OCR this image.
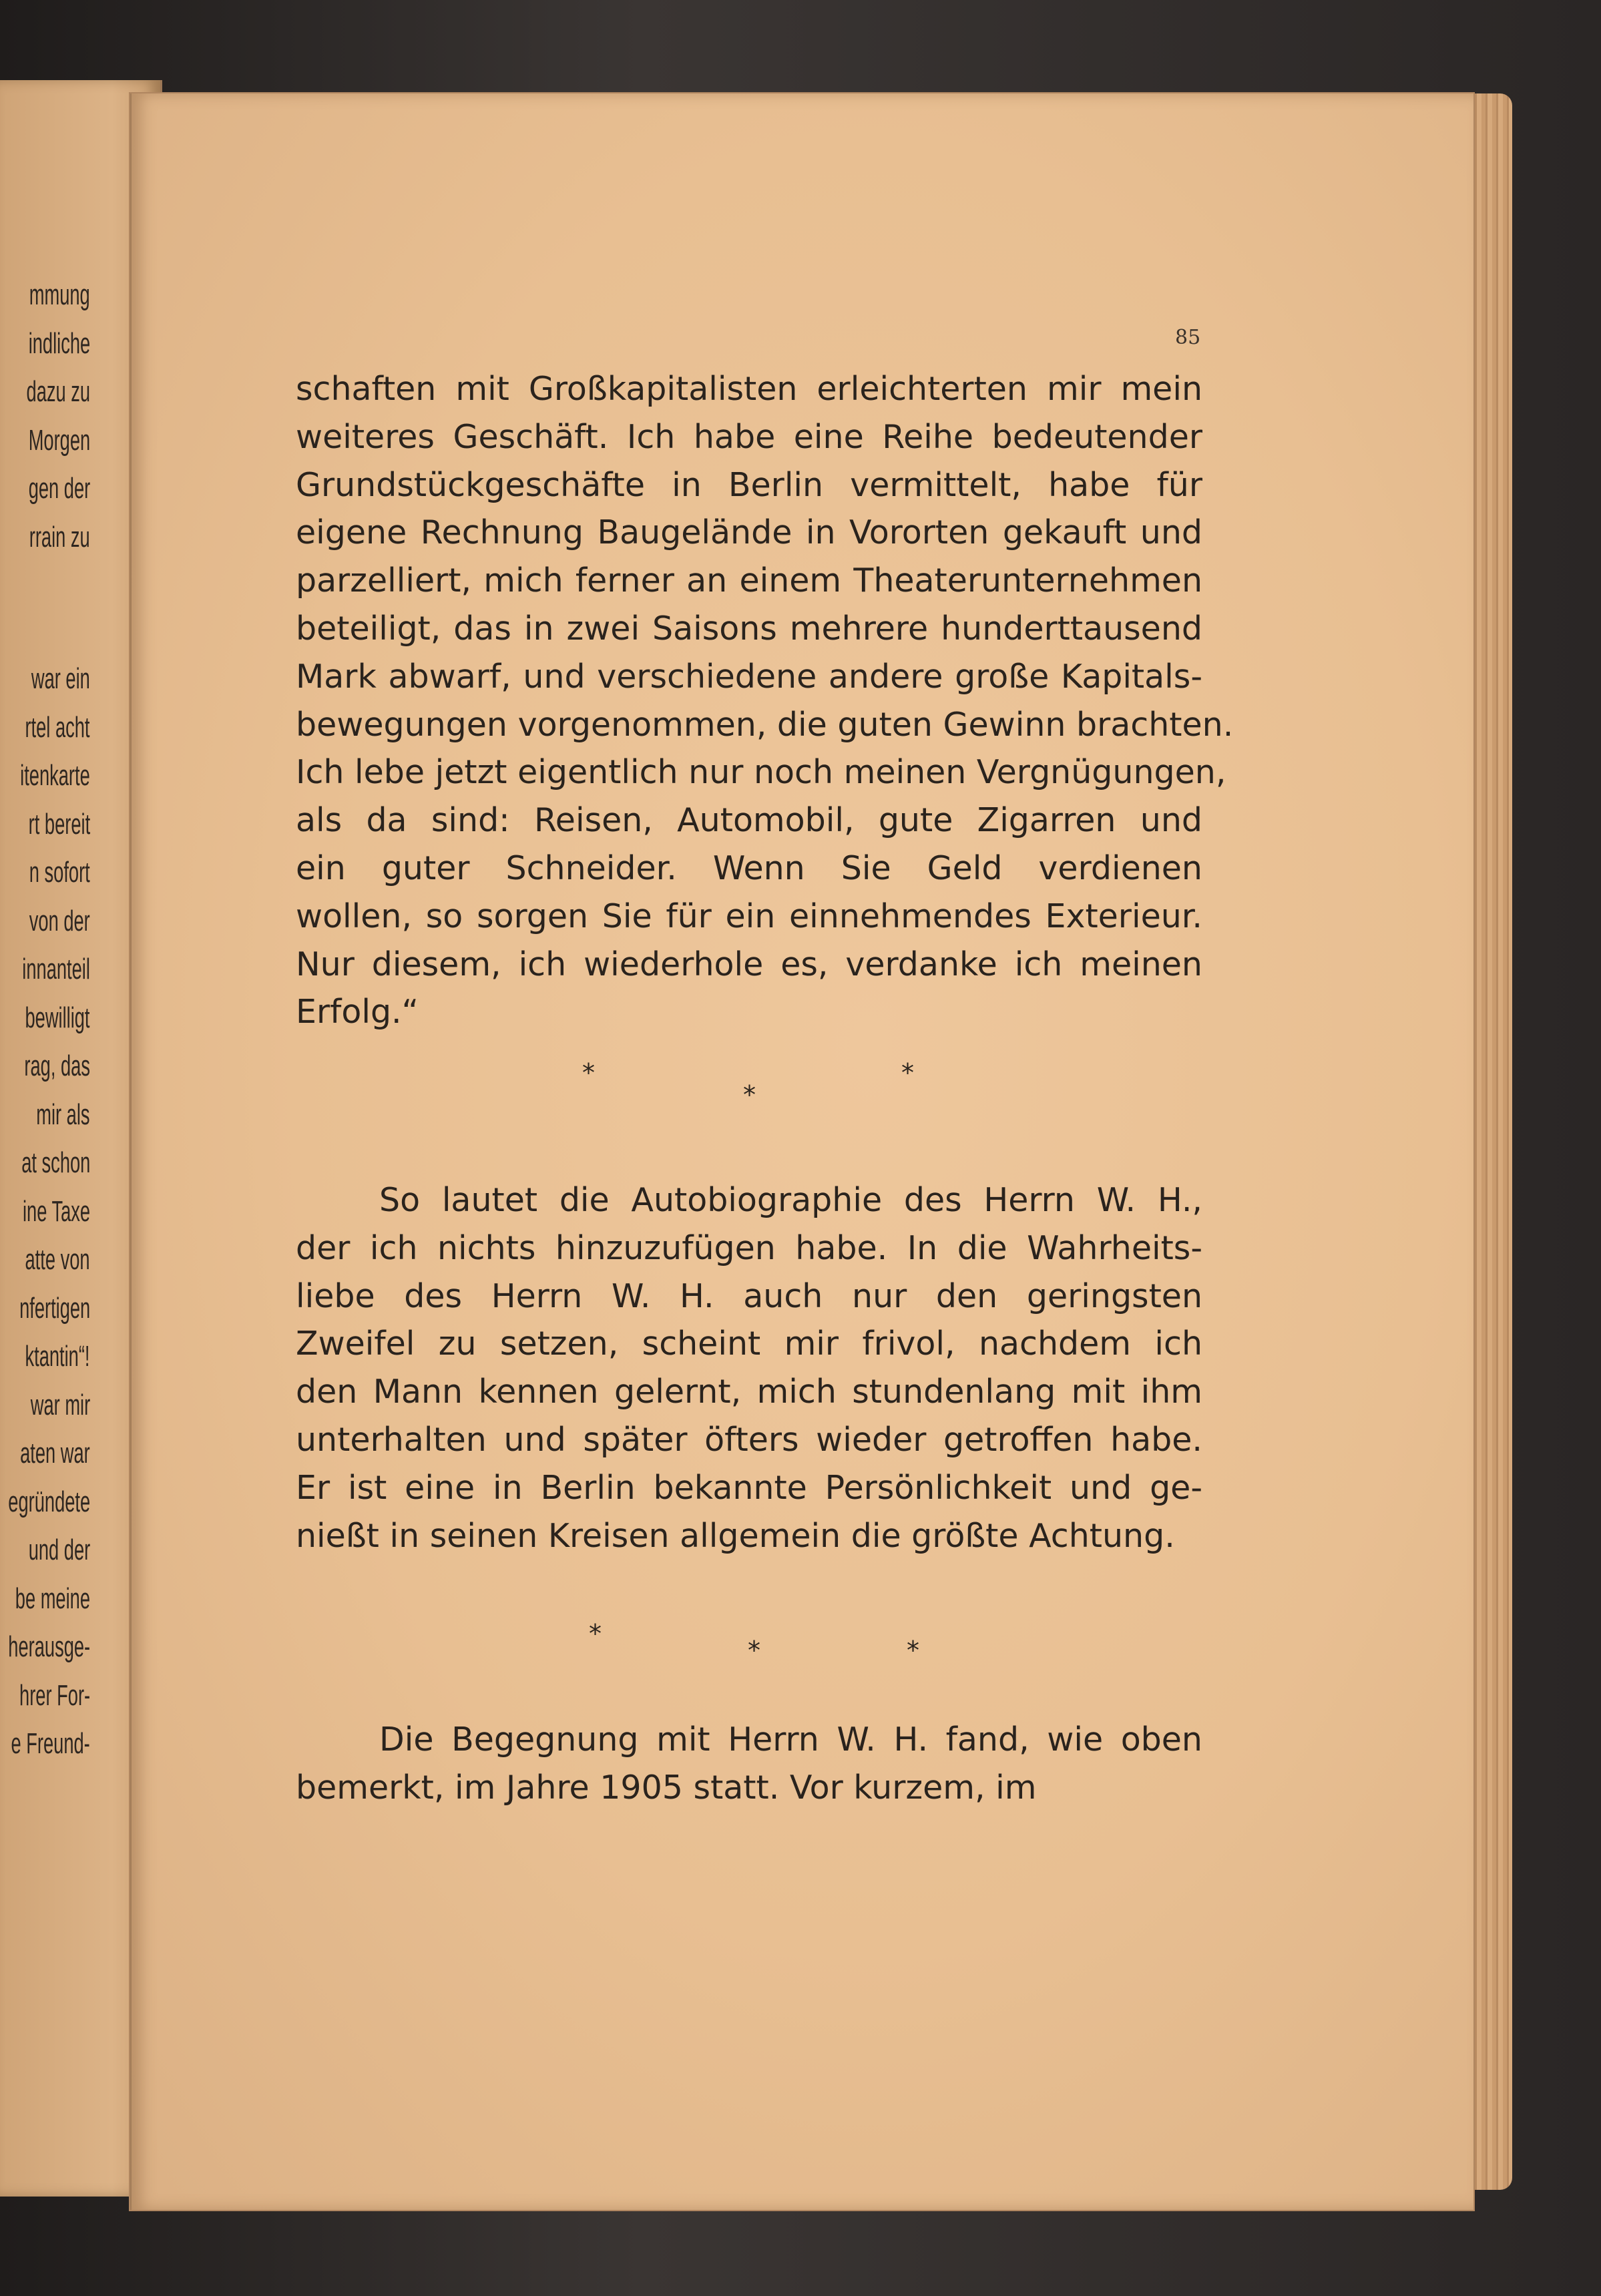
mmung
indliche
dazu zu
Morgen
gen der
rrain zu
war ein
rtel acht
itenkarte
rt bereit
n sofort
von der
innanteil
bewilligt
rag, das
mir als
at schon
ine Taxe
atte von
nfertigen
ktantin“!
war mir
aten war
egründete
und der
be meine
herausge-
hrer For-
e Freund-
85
schaften mit Großkapitalisten erleichterten mir mein
weiteres Geschäft. Ich habe eine Reihe bedeutender
Grundstückgeschäfte in Berlin vermittelt, habe für
eigene Rechnung Baugelände in Vororten gekauft und
parzelliert, mich ferner an einem Theaterunternehmen
beteiligt, das in zwei Saisons mehrere hunderttausend
Mark abwarf, und verschiedene andere große Kapitals-
bewegungen vorgenommen, die guten Gewinn brachten.
Ich lebe jetzt eigentlich nur noch meinen Vergnügungen,
als da sind: Reisen, Automobil, gute Zigarren und
ein guter Schneider. Wenn Sie Geld verdienen
wollen, so sorgen Sie für ein einnehmendes Exterieur.
Nur diesem, ich wiederhole es, verdanke ich meinen
Erfolg.“
*
*
*
So lautet die Autobiographie des Herrn W. H.,
der ich nichts hinzuzufügen habe. In die Wahrheits-
liebe des Herrn W. H. auch nur den geringsten
Zweifel zu setzen, scheint mir frivol, nachdem ich
den Mann kennen gelernt, mich stundenlang mit ihm
unterhalten und später öfters wieder getroffen habe.
Er ist eine in Berlin bekannte Persönlichkeit und ge-
nießt in seinen Kreisen allgemein die größte Achtung.
*
*	*
Die Begegnung mit Herrn W. H. fand, wie oben
bemerkt, im Jahre 1905 statt. Vor kurzem, im
